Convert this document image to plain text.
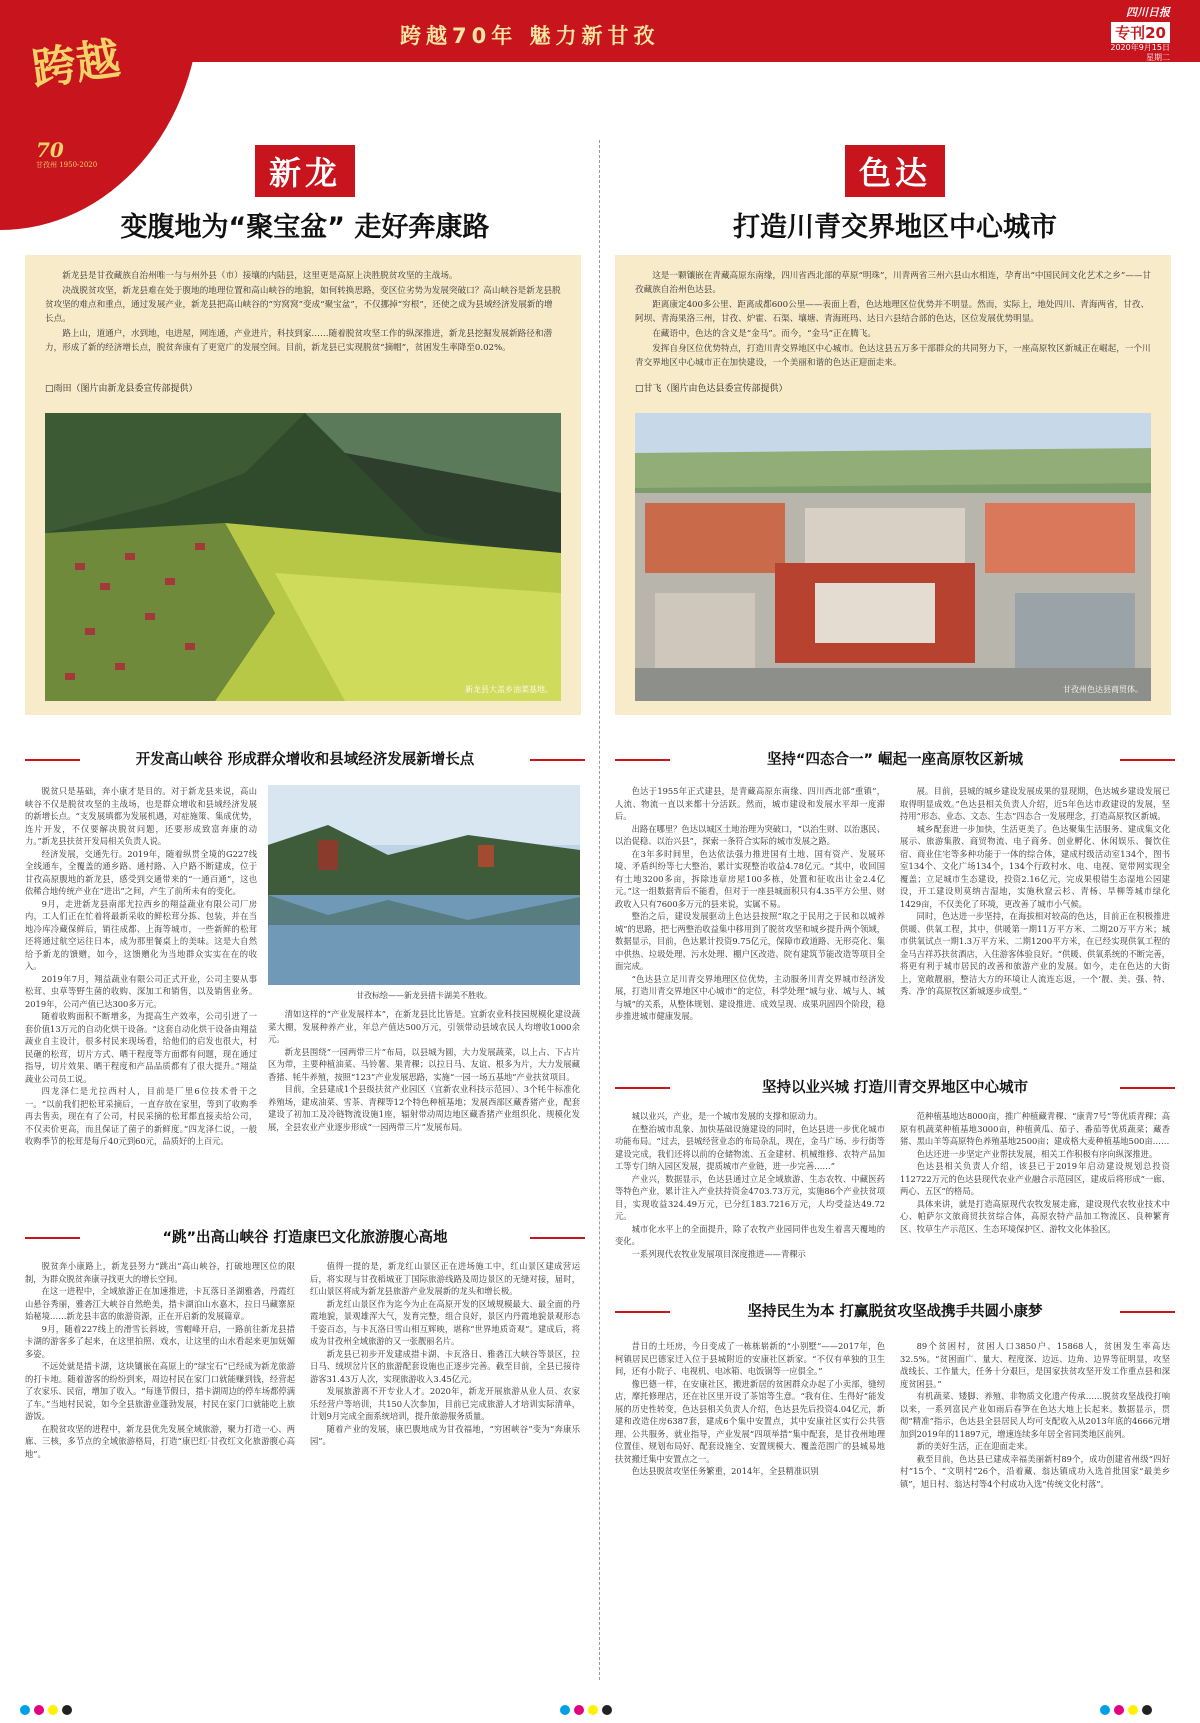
跨越70年 魅力新甘孜
跨越
70
甘孜州 1950-2020
四川日报
专刊20
2020年9月15日
星期二
新龙
变腹地为“聚宝盆” 走好奔康路

新龙县是甘孜藏族自治州唯一与与州外县（市）接壤的内陆县，这里更是高原上决胜脱贫攻坚的主战场。

决战脱贫攻坚，新龙县难在处于腹地的地理位置和高山峡谷的地貌，如何转换思路，变区位劣势为发展突破口？高山峡谷是新龙县脱贫攻坚的难点和重点，通过发展产业，新龙县把高山峡谷的“穷窝窝”变成“聚宝盆”，不仅挪掉“穷根”，还使之成为县域经济发展新的增长点。

路上山，道通户，水到地，电进屋，网连通，产业进片，科技到家……随着脱贫攻坚工作的纵深推进，新龙县挖掘发展新路径和潜力，形成了新的经济增长点，脱贫奔康有了更宽广的发展空间。目前，新龙县已实现脱贫“摘帽”，贫困发生率降至0.02%。

□雨田（图片由新龙县委宣传部提供）
新龙县大盖乡油菜基地。
开发高山峡谷 形成群众增收和县域经济发展新增长点

脱贫只是基础，奔小康才是目的。对于新龙县来说，高山峡谷不仅是脱贫攻坚的主战场，也是群众增收和县域经济发展的新增长点。“支发展填都为发展机遇，对症施策、集成优势，连片开发，不仅要解决脱贫问题，还要形成致富奔康的动力。”新龙县扶贫开发局相关负责人说。

经济发展，交通先行。2019年，随着纵贯全境的G227线全线通车，全覆盖的通乡路、通村路、入户路不断建成，位于甘孜高原腹地的新龙县，感受到交通带来的“一通百通”，这也依稀合地传统产业在“进出”之间，产生了前所未有的变化。

9月，走进新龙县南部尤拉西乡的翔益蔬业有限公司厂房内，工人们正在忙着将最新采收的鲜松茸分拣、包装，并在当地冷库冷藏保鲜后，销往成都、上海等城市，一些新鲜的松茸还将通过航空运往日本，成为那里餐桌上的美味。这是大自然给予新龙的馈赠，如今，这馈赠化为当地群众实实在在的收入。

2019年7月，翔益蔬业有限公司正式开业，公司主要从事松茸、虫草等野生菌的收购、深加工和销售，以及销售业务。2019年，公司产值已达300多万元。

随着收购面积不断增多，为提高生产效率，公司引进了一套价值13万元的自动化烘干设备。“这套自动化烘干设备由翔益蔬业自主设计，很多村民来现场看，给他们的启发也很大，村民砸的松茸，切片方式、晒干程度等方面都有问题，现在通过指导，切片效果、晒干程度和产品品质都有了很大提升。”翔益蔬业公司员工说。

四龙泽仁是尤拉西村人，目前是厂里6位技术骨干之一。“以前我们把松茸采摘后，一直存放在家里，等到了收购季再去售卖，现在有了公司，村民采摘的松茸都直接卖给公司，不仅卖价更高，而且保证了菌子的新鲜度。”四龙泽仁说，一般收购季节的松茸是每斤40元到60元，品质好的上百元。

甘孜标绘——新龙县措卡湖美不胜收。

清如这样的“产业发展样本”，在新龙县比比皆是。宜新农业科技园规模化建设蔬菜大棚，发展种养产业，年总产值达500万元，引领带动县域农民人均增收1000余元。

新龙县围绕“一园两带三片”布局，以县城为圆，大力发展蔬菜，以上占、下占片区为带，主要种植油菜、马铃薯、果青稞；以拉日马、友谊、根多为片，大力发展藏香猪、牦牛养殖，按照“123”产业发展思路，实施“一园一场五基地”产业扶贫项目。

目前，全县建成1个县级扶贫产业园区（宜新农业科技示范园）、3个牦牛标准化养殖场，建成油菜、雪茶、青稞等12个特色种植基地；发展西部区藏香猪产业，配套建设了初加工及冷链物流设施1座，辐射带动周边地区藏香猪产业组织化、规模化发展，全县农业产业逐步形成“一园两带三片”发展布局。

“跳”出高山峡谷 打造康巴文化旅游腹心高地

脱贫奔小康路上，新龙县努力“跳出”高山峡谷，打破地理区位的限制，为群众脱贫奔康寻找更大的增长空间。

在这一进程中，全域旅游正在加速推进，卡瓦落日圣湖雅砻，丹霞红山悬谷秀丽，雅砻江大峡谷自然绝美，措卡湖泊山水嘉木，拉日马藏寨原始秘境……新龙县丰富的旅游资源，正在开启新的发展篇章。

9月，随着227线上的滑雪长斜坡，雪帽峰开启，一路前往新龙县措卡湖的游客多了起来，在这里拍照、戏水，让这里的山水看起来更加妩媚多姿。

不远处就是措卡湖，这块镶嵌在高原上的“绿宝石”已经成为新龙旅游的打卡地。随着游客的纷纷到来，周边村民在家门口就能赚到钱，经营起了农家乐、民宿，增加了收入。“每逢节假日，措卡湖周边的停车场都停满了车。”当地村民说，如今全县旅游业蓬勃发展，村民在家门口就能吃上旅游饭。

在脱贫攻坚的进程中，新龙县优先发展全域旅游，聚力打造一心、两廊、三核，多节点的全域旅游格局，打造“康巴红·甘孜红文化旅游腹心高地”。

值得一提的是，新龙红山景区正在进场施工中，红山景区建成营运后，将实现与甘孜稻城亚丁国际旅游线路及周边景区的无缝对接，届时，红山景区将成为新龙县旅游产业发展新的龙头和增长极。

新龙红山景区作为迄今为止在高原开发的区域规模最大、最全面的丹霞地貌，景观雄浑大气，发育完整，组合良好，景区内丹霞地貌景观形态千姿百态，与卡瓦洛日雪山相互辉映，堪称“世界地质奇观”。建成后，将成为甘孜州全域旅游的又一张靓丽名片。

新龙县已初步开发建成措卡湖、卡瓦洛日、雅砻江大峡谷等景区，拉日马、绒坝岔片区的旅游配套设施也正逐步完善。截至目前，全县已接待游客31.43万人次，实现旅游收入3.45亿元。

发展旅游离不开专业人才。2020年，新龙开展旅游从业人员、农家乐经营户等培训，共150人次参加，目前已完成旅游人才培训实际清单，计划9月完成全面系统培训，提升旅游服务质量。

随着产业的发展，康巴腹地成为甘孜福地，“穷困峡谷”变为“奔康乐园”。

色达
打造川青交界地区中心城市

这是一颗镶嵌在青藏高原东南缘，四川省西北部的草原“明珠”，川青两省三州六县山水相连，孕育出“中国民间文化艺术之乡”——甘孜藏族自治州色达县。

距离康定400多公里、距离成都600公里——表面上看，色达地理区位优势并不明显。然而，实际上，地处四川、青海两省，甘孜、阿坝、青海果洛三州，甘孜、炉霍、石渠、壤塘、青海班玛、达日六县结合部的色达，区位发展优势明显。

在藏语中，色达的含义是“金马”。而今，“金马”正在腾飞。

发挥自身区位优势特点，打造川青交界地区中心城市。色达这县五万多干部群众的共同努力下，一座高原牧区新城正在崛起，一个川青交界地区中心城市正在加快建设，一个美丽和谐的色达正迎面走来。

□甘飞（图片由色达县委宣传部提供）
甘孜州色达县商贸体。
坚持“四态合一” 崛起一座高原牧区新城

色达于1955年正式建县，是青藏高原东南缘、四川西北部“重镇”，人流、物流一直以来都十分活跃。然而，城市建设和发展水平却一度滞后。

出路在哪里？色达以城区土地治理为突破口，“以治生财、以治惠民、以治促稳、以治兴县”，探索一条符合实际的城市发展之路。

在3年多时间里，色达依法强力推进国有土地、国有资产、发展环境、矛盾纠纷等七大整治，累计实现整治收益4.78亿元。“其中，收回国有土地3200多亩，拆除违章房屋100多栋，处置和征收出让金2.4亿元。”这一组数据背后不能看，但对于一座县城面积只有4.35平方公里、财政收入只有7600多万元的县来说，实属不易。

整治之后，建设发展驱动上色达县按照“取之于民用之于民和以城养城”的思路，把七两整治收益集中移用到了脱贫攻坚和城乡提升两个领域，数据显示，目前，色达累计投资9.75亿元，保障市政道路、无形亮化、集中供热、垃圾处理、污水处理、棚户区改造、院有建筑节能改造等项目全面完成。

“色达县立足川青交界地理区位优势，主动服务川青交界城市经济发展，打造川青交界地区中心城市”的定位，科学处理“城与业、城与人、城与城”的关系，从整体规划、建设推进、成效呈现、成果巩固四个阶段，稳步推进城市健康发展。

展。目前，县城的城乡建设发展成果的显现期，色达城乡建设发展已取得明显成效。”色达县相关负责人介绍，近5年色达市政建设的发展，坚持用“形态、业态、文态、生态”四态合一发展理念，打造高原牧区新城。

城乡配套进一步加快，生活更美了。色达聚集生活服务、建成集文化展示、旅游集散、商贸物流、电子商务、创业孵化、休闲娱乐、餐饮住宿、商业住宅等多种功能于一体的综合体，建成村级活动室134个，图书室134个、文化广场134个，134个行政村水、电、电视、宽带网实现全覆盖；立足城市生态建设，投资2.16亿元，完成果根错生态湿地公园建设，开工建设则莫纳吉湿地，实施秋窟云杉、青杨、旱柳等城市绿化1429亩，不仅美化了环境，更改善了城市小气候。

同时，色达进一步坚持，在海拔相对较高的色达，目前正在积极推进供暖、供氧工程，其中，供暖第一期11万平方米、二期20万平方米；城市供氧试点一期1.3万平方米、二期1200平方米，在已经实现供氧工程的金马吉祥苏扶贫酒店，入住游客体验良好。“供暖、供氧系统的不断完善，将更有利于城市居民的改善和旅游产业的发展。如今，走在色达的大街上，宽敞靓丽，整洁大方的环境让人流连忘返，一个‘靓、美、强、特、秀、净’的高原牧区新城逐步成型。”

坚持以业兴城 打造川青交界地区中心城市

城以业兴，产业，是一个城市发展的支撑和原动力。

在整治城市乱象、加快基础设施建设的同时，色达县进一步优化城市功能布局。“过去，县城经营业态的布局杂乱，现在，金马广场、步行街等建设完成，我们还将以前的仓储物流、五金建材、机械维修、农特产品加工等专门纳入园区发展，提质城市产业链，进一步完善……”

产业兴，数据显示，色达县通过立足全域旅游、生态农牧、中藏医药等特色产业，累计注入产业扶持资金4703.73万元，实施86个产业扶贫项目，实现收益324.49万元，已分红183.7216万元，人均受益达49.72元。

城市化水平上的全面提升，除了农牧产业园同伴也发生着喜天覆地的变化。

一系列现代农牧业发展项目深度推进——青稞示

范种植基地达8000亩，推广种植藏青稞、“康青7号”等优质青稞；高原有机蔬菜种植基地3000亩，种植黄瓜、茄子、番茄等优质蔬菜；藏香猪、黑山羊等高原特色养殖基地2500亩；建成格大麦种植基地500亩……

色达还进一步坚定产业帮扶发展，相关工作积极有序向纵深推进。

色达县相关负责人介绍，该县已于2019年启动建设规划总投资112722万元的色达县现代农业产业融合示范园区，建成后将形成“一廊、两心、五区”的格局。

具体来讲，就是打造高原现代农牧发展走廊，建设现代农牧业技术中心、帕萨尔文旅商贸扶贫综合体，高原农特产品加工物流区、良种繁育区、牧草生产示范区、生态环境保护区、游牧文化体验区。

坚持民生为本 打赢脱贫攻坚战携手共圆小康梦

昔日的土坯房，今日变成了一栋栋崭新的“小别墅”——2017年，色柯镇居民巴德家迁入位于县城附近的安康社区新家。“不仅有单独的卫生间，还有小院子、电视机、电冰箱、电饭锅等一应俱全。”

像巴德一样，在安康社区，搬进新居的贫困群众办起了小卖部，缝纫店，摩托修理店，还在社区里开设了茶馆等生意。“我有住、生得好”能发展的历史性转变，色达县相关负责人介绍，色达县先后投资4.04亿元，新建和改造住房6387套，建成6个集中安置点，其中安康社区实行公共管理、公共服务，就业指导，产业发展“四项举措”集中配套，是甘孜州地理位置佳、规划布局好、配套设施全、安置规模大、覆盖范围广的县城易地扶贫搬迁集中安置点之一。

色达县脱贫攻坚任务繁重，2014年，全县精准识别

89个贫困村，贫困人口3850户、15868人，贫困发生率高达32.5%。“贫困面广、量大、程度深、边远、边角、边界等征明显，攻坚战线长、工作量大，任务十分艰巨，是国家扶贫攻坚开发工作重点县和深度贫困县。”

有机蔬菜、矮脚、养殖、非物质文化遗产传承……脱贫攻坚战役打响以来，一系列富民产业如雨后春笋在色达大地上长起来。数据显示，贯彻“精准”指示，色达县全县居民人均可支配收入从2013年底的4666元增加到2019年的11897元，增速连续多年居全省同类地区前列。

新的美好生活，正在迎面走来。

截至目前，色达县已建成幸福美丽新村89个，成功创建省州级“四好村”15个、“文明村”26个，沿着藏、翁达镇成功入选首批国家“最美乡镇”，旭日村、翁达村等4个村成功入选“传统文化村落”。
